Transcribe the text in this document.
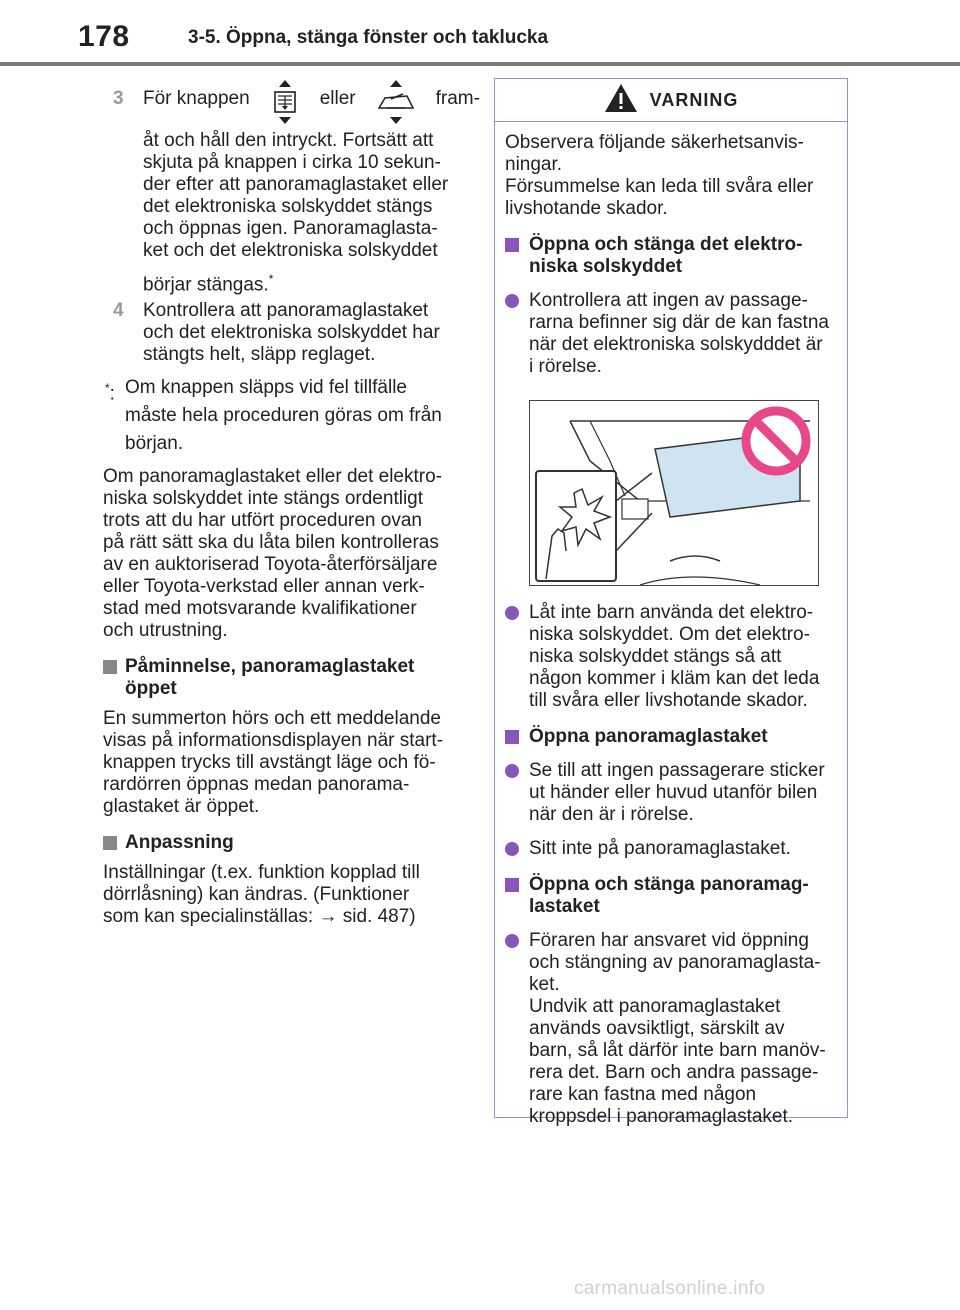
178	3-5. Öppna, stänga fönster och taklucka
3 För knappen	eller	fram-
åt och håll den intryckt. Fortsätt att
skjuta på knappen i cirka 10 sekun-
der efter att panoramaglastaket eller
det elektroniska solskyddet stängs
och öppnas igen. Panoramaglasta-
ket och det elektroniska solskyddet
börjar stängas.*
4 Kontrollera att panoramaglastaket
och det elektroniska solskyddet har
stängts helt, släpp reglaget.
*: Om knappen släpps vid fel tillfälle
måste hela proceduren göras om från
början.
Om panoramaglastaket eller det elektro-
niska solskyddet inte stängs ordentligt
trots att du har utfört proceduren ovan
på rätt sätt ska du låta bilen kontrolleras
av en auktoriserad Toyota-återförsäljare
eller Toyota-verkstad eller annan verk-
stad med motsvarande kvalifikationer
och utrustning.
Påminnelse, panoramaglastaket
öppet
En summerton hörs och ett meddelande
visas på informationsdisplayen när start-
knappen trycks till avstängt läge och fö-
rardörren öppnas medan panorama-
glastaket är öppet.
Anpassning
Inställningar (t.ex. funktion kopplad till
dörrlåsning) kan ändras. (Funktioner
som kan specialinställas: → sid. 487)
VARNING
Observera följande säkerhetsanvis-
ningar.
Försummelse kan leda till svåra eller
livshotande skador.
Öppna och stänga det elektro-
niska solskyddet
Kontrollera att ingen av passage-
rarna befinner sig där de kan fastna
när det elektroniska solskydddet är
i rörelse.
Låt inte barn använda det elektro-
niska solskyddet. Om det elektro-
niska solskyddet stängs så att
någon kommer i kläm kan det leda
till svåra eller livshotande skador.
Öppna panoramaglastaket
Se till att ingen passagerare sticker
ut händer eller huvud utanför bilen
när den är i rörelse.
Sitt inte på panoramaglastaket.
Öppna och stänga panoramag-
lastaket
Föraren har ansvaret vid öppning
och stängning av panoramaglasta-
ket.
Undvik att panoramaglastaket
används oavsiktligt, särskilt av
barn, så låt därför inte barn manöv-
rera det. Barn och andra passage-
rare kan fastna med någon
kroppsdel i panoramaglastaket.
carmanualsonline.info
